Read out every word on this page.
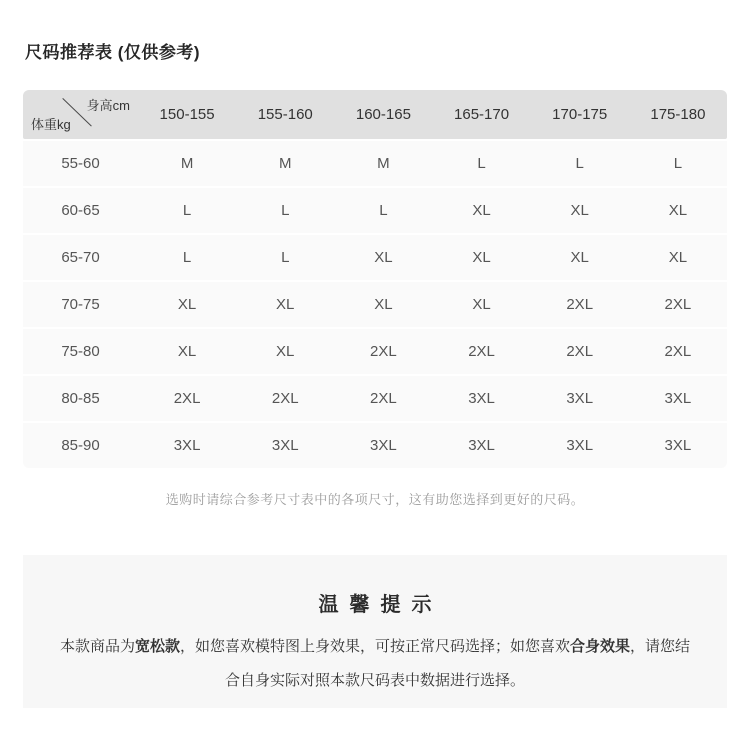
尺码推荐表 (仅供参考)
身高cm
体重kg	150-155	155-160	160-165	165-170	170-175	175-180
55-60	M	M	M	L	L	L
60-65	L	L	L	XL	XL	XL
65-70	L	L	XL	XL	XL	XL
70-75	XL	XL	XL	XL	2XL	2XL
75-80	XL	XL	2XL	2XL	2XL	2XL
80-85	2XL	2XL	2XL	3XL	3XL	3XL
85-90	3XL	3XL	3XL	3XL	3XL	3XL

选购时请综合参考尺寸表中的各项尺寸，这有助您选择到更好的尺码。

温馨提示

本款商品为宽松款，如您喜欢模特图上身效果，可按正常尺码选择；如您喜欢合身效果，请您结合自身实际对照本款尺码表中数据进行选择。
